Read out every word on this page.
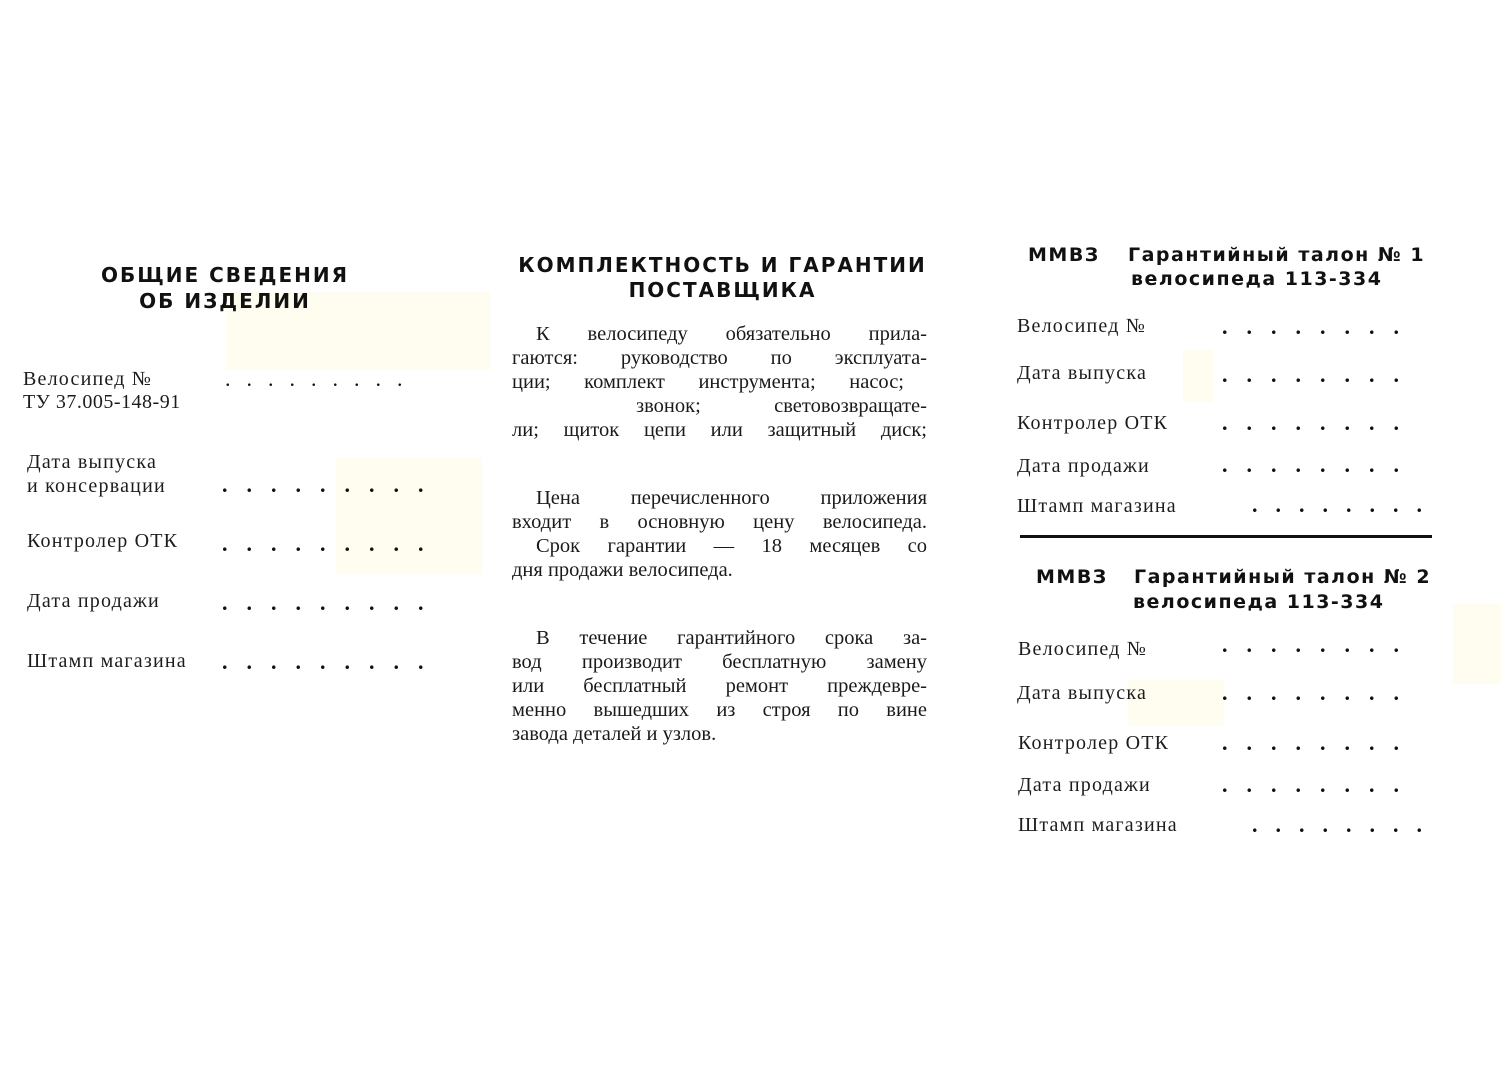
ОБЩИЕ СВЕДЕНИЯ
ОБ ИЗДЕЛИИ
Велосипед №	.........
ТУ 37.005-148-91
Дата выпуска
и консервации	.........
Контролер ОТК .........
Дата продажи	.........
Штамп магазина .........
КОМПЛЕКТНОСТЬ И ГАРАНТИИ
ПОСТАВЩИКА
К велосипеду обязательно прила-
гаются: руководство по эксплуата-
ции; комплект инструмента; насос;
звонок; световозвращате-
ли; щиток цепи или защитный диск;
Цена перечисленного приложения
входит в основную цену велосипеда.
Срок гарантии — 18 месяцев со
дня продажи велосипеда.
В течение гарантийного срока за-
вод производит бесплатную замену
или бесплатный ремонт преждевре-
менно вышедших из строя по вине
завода деталей и узлов.
ММВЗ Гарантийный талон № 1
велосипеда 113-334
Велосипед №	........
Дата выпуска	........
Контролер ОТК ........
Дата продажи	........
Штамп магазина	........
ММВЗ Гарантийный талон № 2
велосипеда 113-334
Велосипед №	........
Дата выпуска	........
Контролер ОТК ........
Дата продажи	........
Штамп магазина	........
